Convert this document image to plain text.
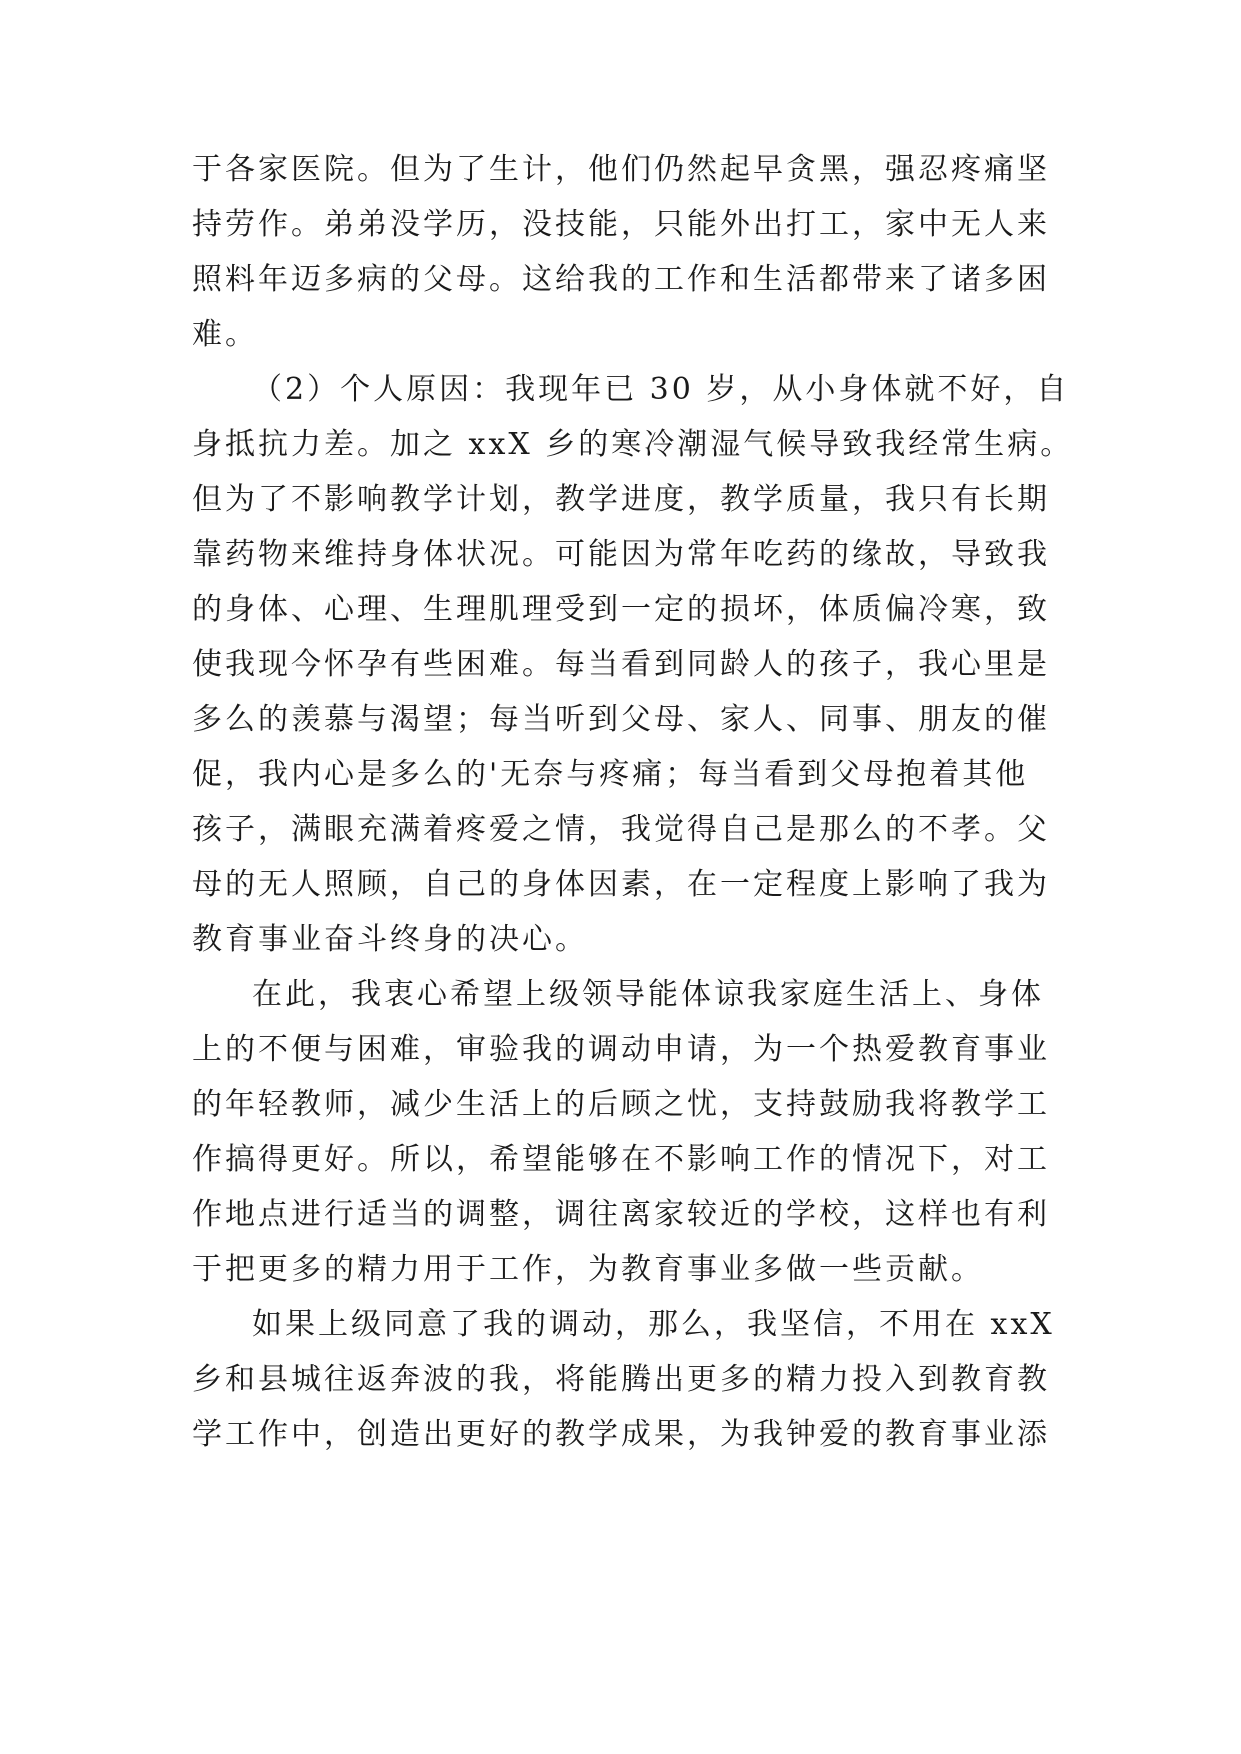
于各家医院。但为了生计，他们仍然起早贪黑，强忍疼痛坚
持劳作。弟弟没学历，没技能，只能外出打工，家中无人来
照料年迈多病的父母。这给我的工作和生活都带来了诸多困
难。
（2）个人原因：我现年已 30 岁，从小身体就不好，自
身抵抗力差。加之 xxX 乡的寒冷潮湿气候导致我经常生病。
但为了不影响教学计划，教学进度，教学质量，我只有长期
靠药物来维持身体状况。可能因为常年吃药的缘故，导致我
的身体、心理、生理肌理受到一定的损坏，体质偏冷寒，致
使我现今怀孕有些困难。每当看到同龄人的孩子，我心里是
多么的羡慕与渴望；每当听到父母、家人、同事、朋友的催
促，我内心是多么的'无奈与疼痛；每当看到父母抱着其他
孩子，满眼充满着疼爱之情，我觉得自己是那么的不孝。父
母的无人照顾，自己的身体因素，在一定程度上影响了我为
教育事业奋斗终身的决心。
在此，我衷心希望上级领导能体谅我家庭生活上、身体
上的不便与困难，审验我的调动申请，为一个热爱教育事业
的年轻教师，减少生活上的后顾之忧，支持鼓励我将教学工
作搞得更好。所以，希望能够在不影响工作的情况下，对工
作地点进行适当的调整，调往离家较近的学校，这样也有利
于把更多的精力用于工作，为教育事业多做一些贡献。
如果上级同意了我的调动，那么，我坚信，不用在 xxX
乡和县城往返奔波的我，将能腾出更多的精力投入到教育教
学工作中，创造出更好的教学成果，为我钟爱的教育事业添
